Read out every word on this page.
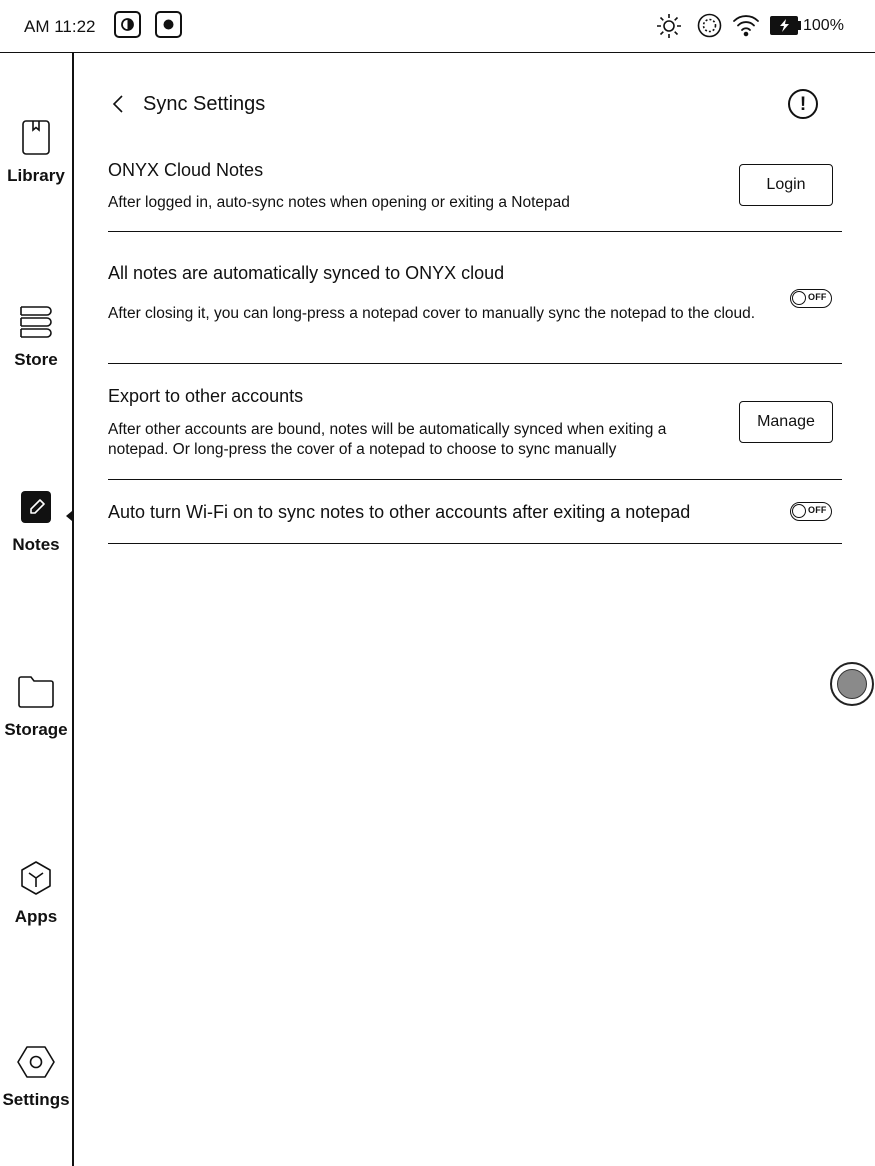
AM 11:22	100%
Library
Store
Notes
Storage
Apps
Settings
Sync Settings	!
ONYX Cloud Notes
After logged in, auto-sync notes when opening or exiting a Notepad
Login
All notes are automatically synced to ONYX cloud
After closing it, you can long-press a notepad cover to manually sync the notepad to the cloud.
OFF
Export to other accounts
After other accounts are bound, notes will be automatically synced when exiting a notepad. Or long-press the cover of a notepad to choose to sync manually
Manage
Auto turn Wi-Fi on to sync notes to other accounts after exiting a notepad	OFF
